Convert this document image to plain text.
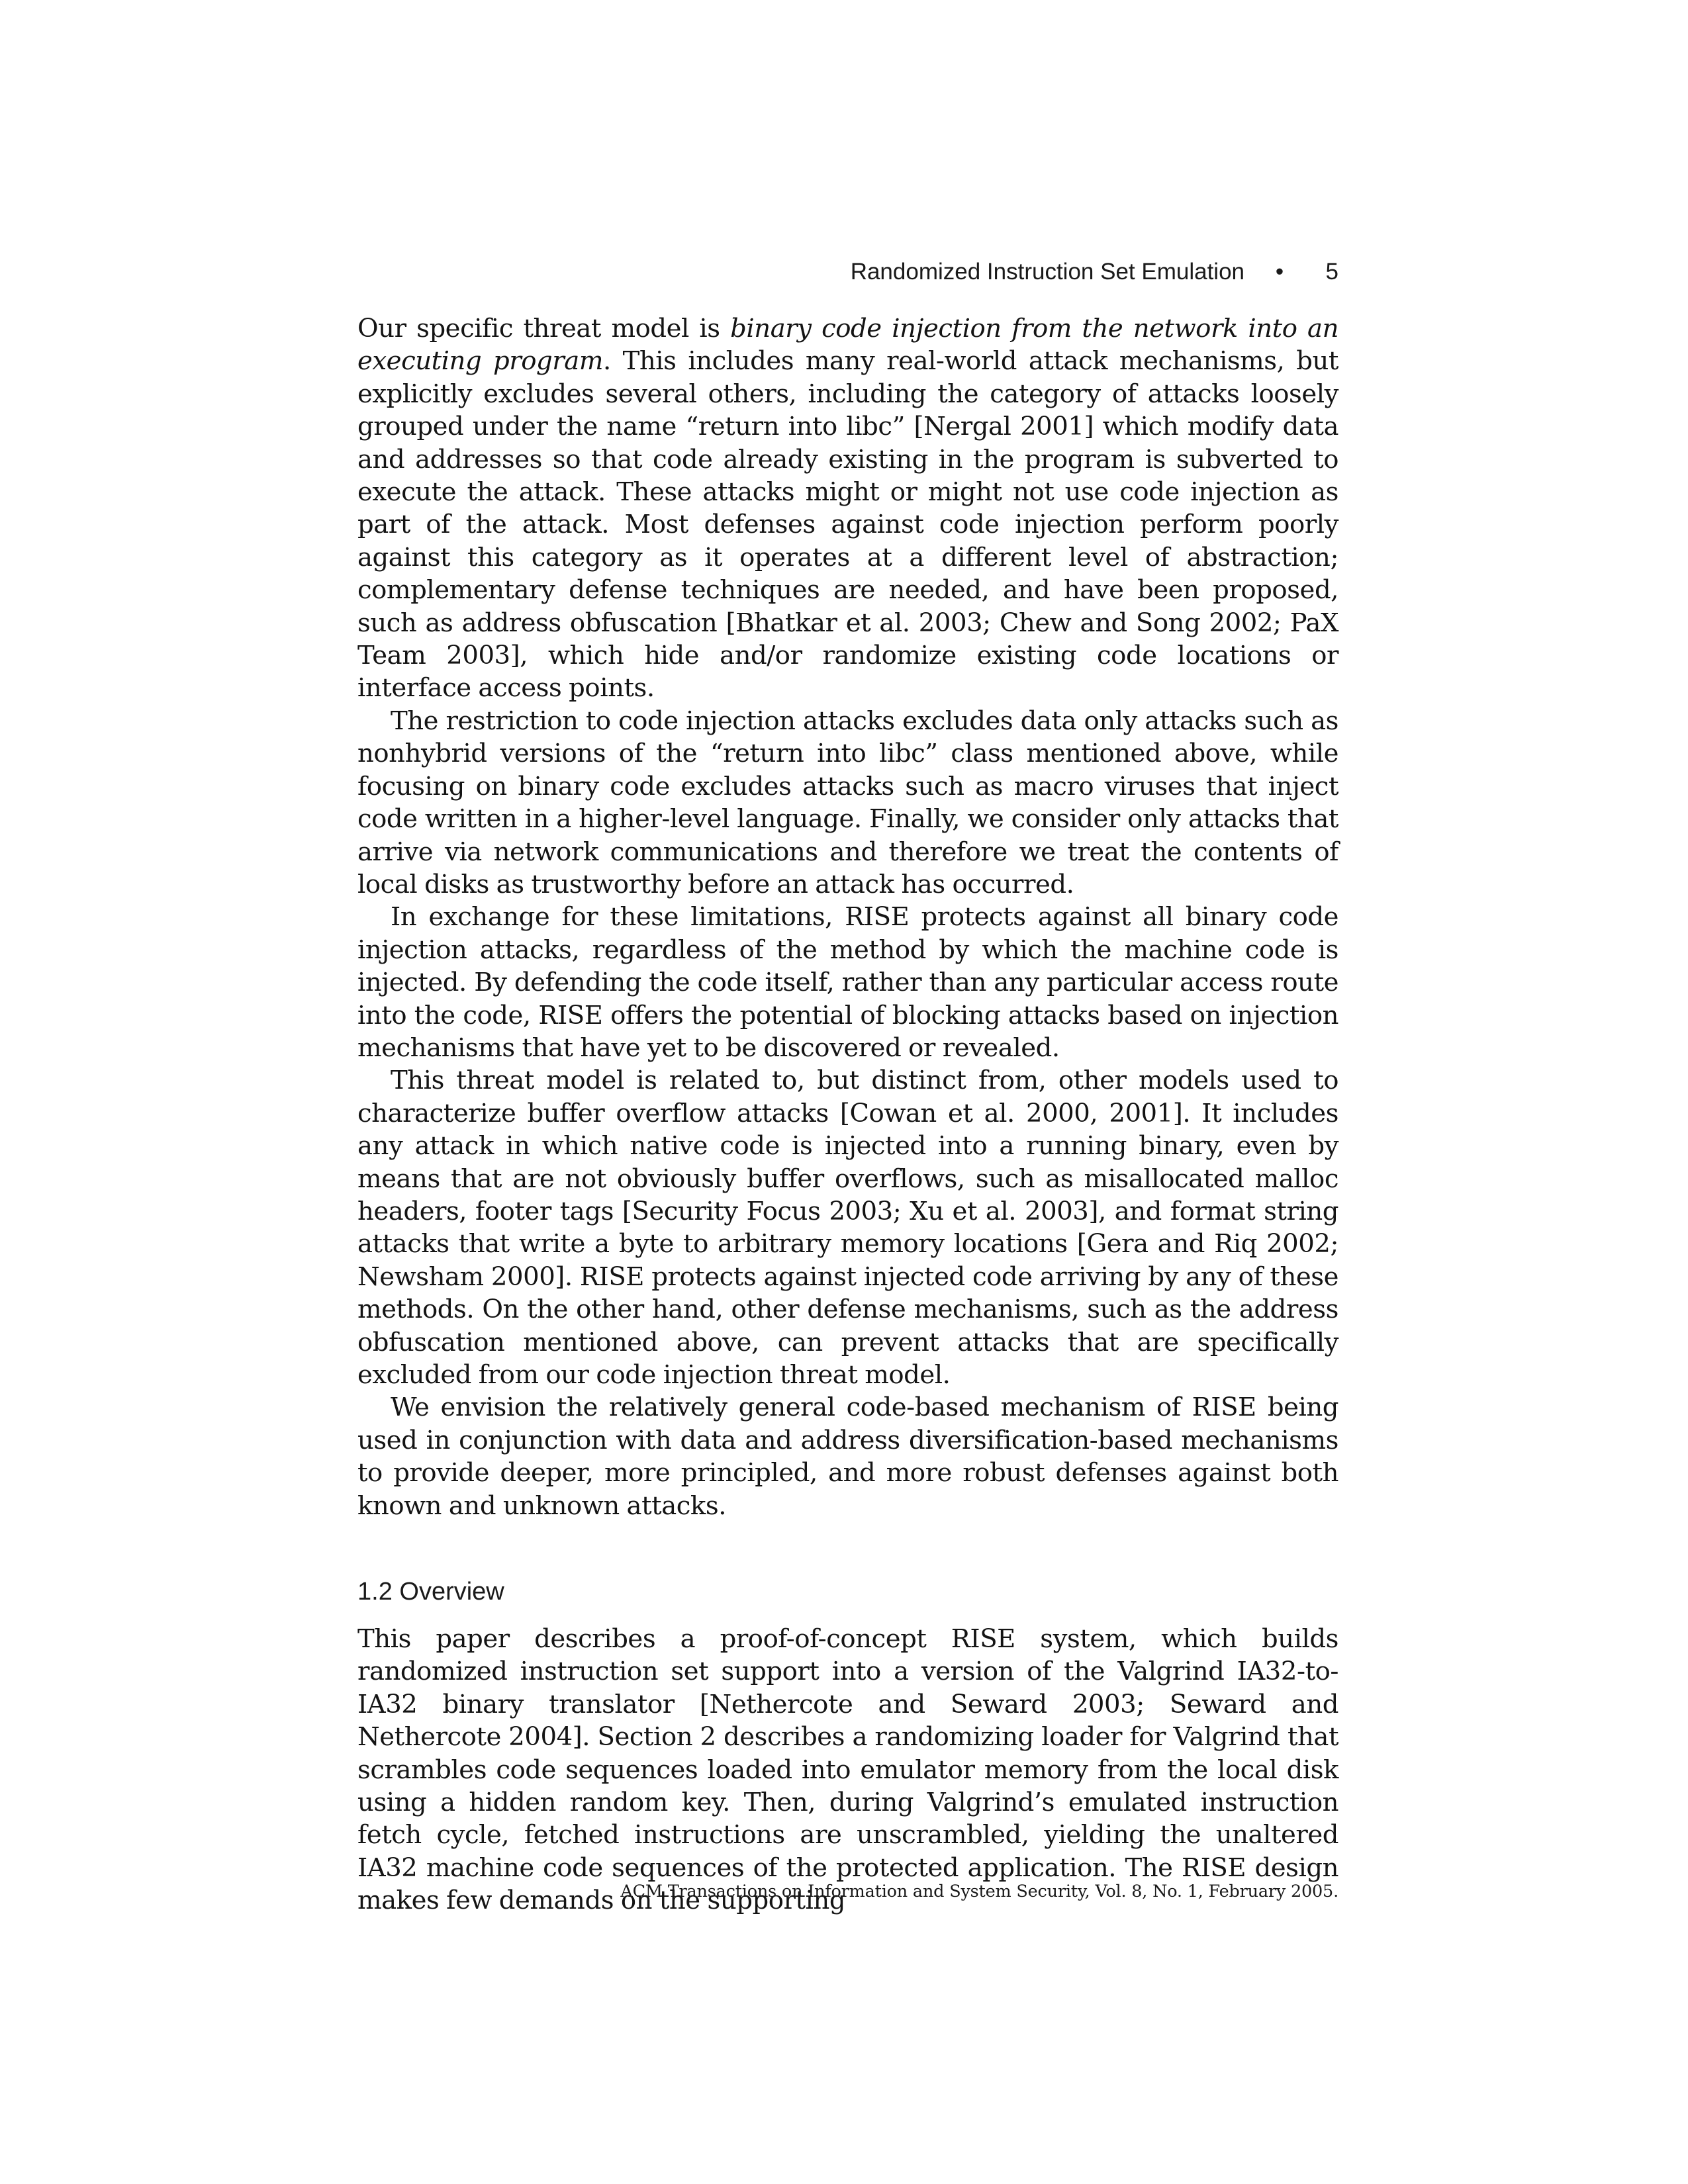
Randomized Instruction Set Emulation • 5

Our specific threat model is binary code injection from the network into an executing program. This includes many real-world attack mechanisms, but explicitly excludes several others, including the category of attacks loosely grouped under the name “return into libc” [Nergal 2001] which modify data and addresses so that code already existing in the program is subverted to execute the attack. These attacks might or might not use code injection as part of the attack. Most defenses against code injection perform poorly against this category as it operates at a different level of abstraction; complementary defense techniques are needed, and have been proposed, such as address obfuscation [Bhatkar et al. 2003; Chew and Song 2002; PaX Team 2003], which hide and/or randomize existing code locations or interface access points.

The restriction to code injection attacks excludes data only attacks such as nonhybrid versions of the “return into libc” class mentioned above, while focusing on binary code excludes attacks such as macro viruses that inject code written in a higher-level language. Finally, we consider only attacks that arrive via network communications and therefore we treat the contents of local disks as trustworthy before an attack has occurred.

In exchange for these limitations, RISE protects against all binary code injection attacks, regardless of the method by which the machine code is injected. By defending the code itself, rather than any particular access route into the code, RISE offers the potential of blocking attacks based on injection mechanisms that have yet to be discovered or revealed.

This threat model is related to, but distinct from, other models used to characterize buffer overflow attacks [Cowan et al. 2000, 2001]. It includes any attack in which native code is injected into a running binary, even by means that are not obviously buffer overflows, such as misallocated malloc headers, footer tags [Security Focus 2003; Xu et al. 2003], and format string attacks that write a byte to arbitrary memory locations [Gera and Riq 2002; Newsham 2000]. RISE protects against injected code arriving by any of these methods. On the other hand, other defense mechanisms, such as the address obfuscation mentioned above, can prevent attacks that are specifically excluded from our code injection threat model.

We envision the relatively general code-based mechanism of RISE being used in conjunction with data and address diversification-based mechanisms to provide deeper, more principled, and more robust defenses against both known and unknown attacks.

1.2 Overview

This paper describes a proof-of-concept RISE system, which builds randomized instruction set support into a version of the Valgrind IA32-to-IA32 binary translator [Nethercote and Seward 2003; Seward and Nethercote 2004]. Section 2 describes a randomizing loader for Valgrind that scrambles code sequences loaded into emulator memory from the local disk using a hidden random key. Then, during Valgrind’s emulated instruction fetch cycle, fetched instructions are unscrambled, yielding the unaltered IA32 machine code sequences of the protected application. The RISE design makes few demands on the supporting

ACM Transactions on Information and System Security, Vol. 8, No. 1, February 2005.
